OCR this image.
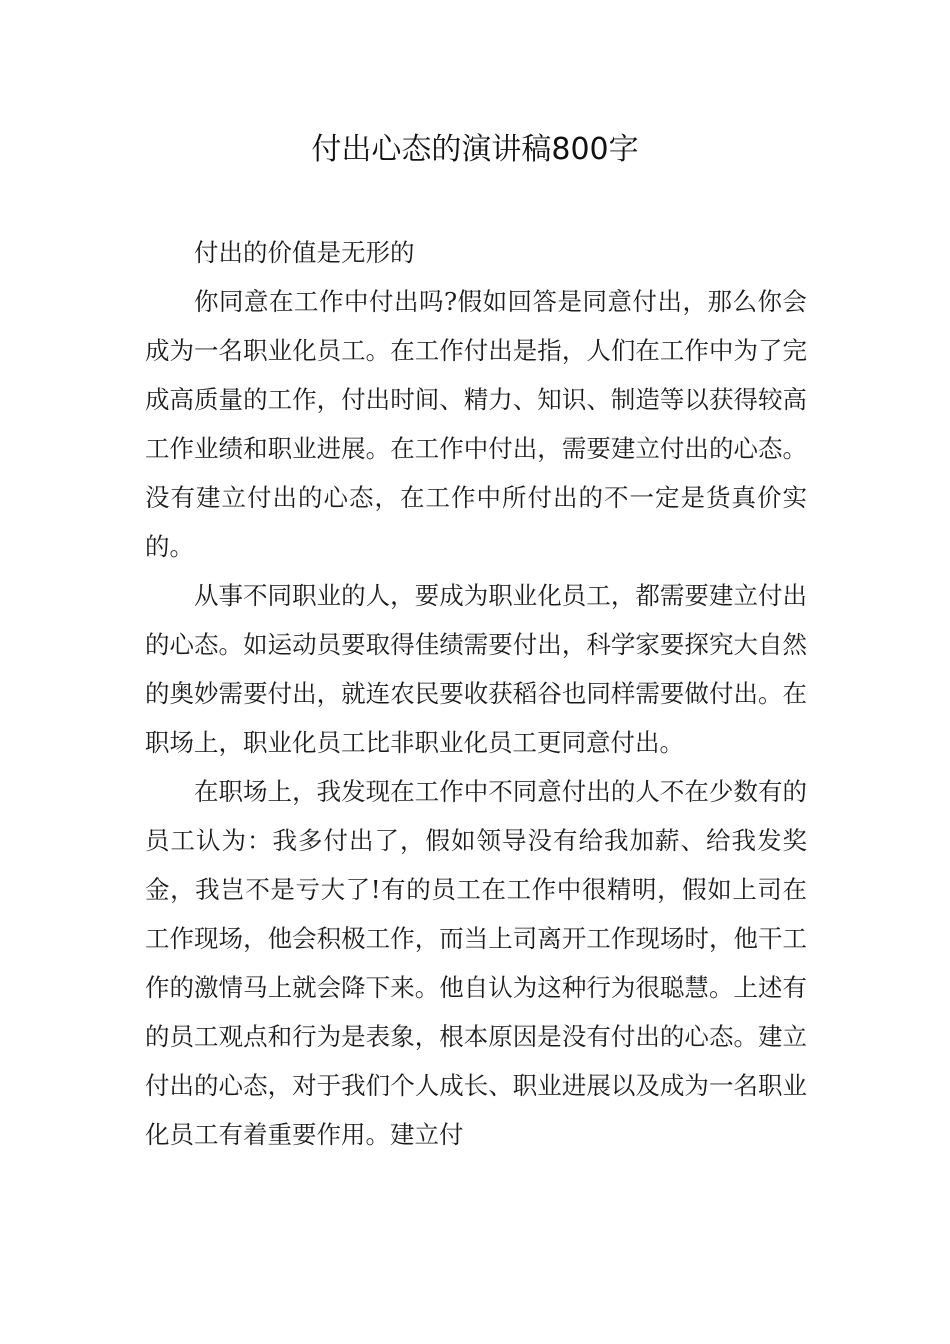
付出心态的演讲稿800字

付出的价值是无形的

你同意在工作中付出吗?假如回答是同意付出，那么你会成为一名职业化员工。在工作付出是指，人们在工作中为了完成高质量的工作，付出时间、精力、知识、制造等以获得较高工作业绩和职业进展。在工作中付出，需要建立付出的心态。没有建立付出的心态，在工作中所付出的不一定是货真价实的。

从事不同职业的人，要成为职业化员工，都需要建立付出的心态。如运动员要取得佳绩需要付出，科学家要探究大自然的奥妙需要付出，就连农民要收获稻谷也同样需要做付出。在职场上，职业化员工比非职业化员工更同意付出。

在职场上，我发现在工作中不同意付出的人不在少数有的员工认为：我多付出了，假如领导没有给我加薪、给我发奖金，我岂不是亏大了!有的员工在工作中很精明，假如上司在工作现场，他会积极工作，而当上司离开工作现场时，他干工作的激情马上就会降下来。他自认为这种行为很聪慧。上述有的员工观点和行为是表象，根本原因是没有付出的心态。建立付出的心态，对于我们个人成长、职业进展以及成为一名职业化员工有着重要作用。建立付
